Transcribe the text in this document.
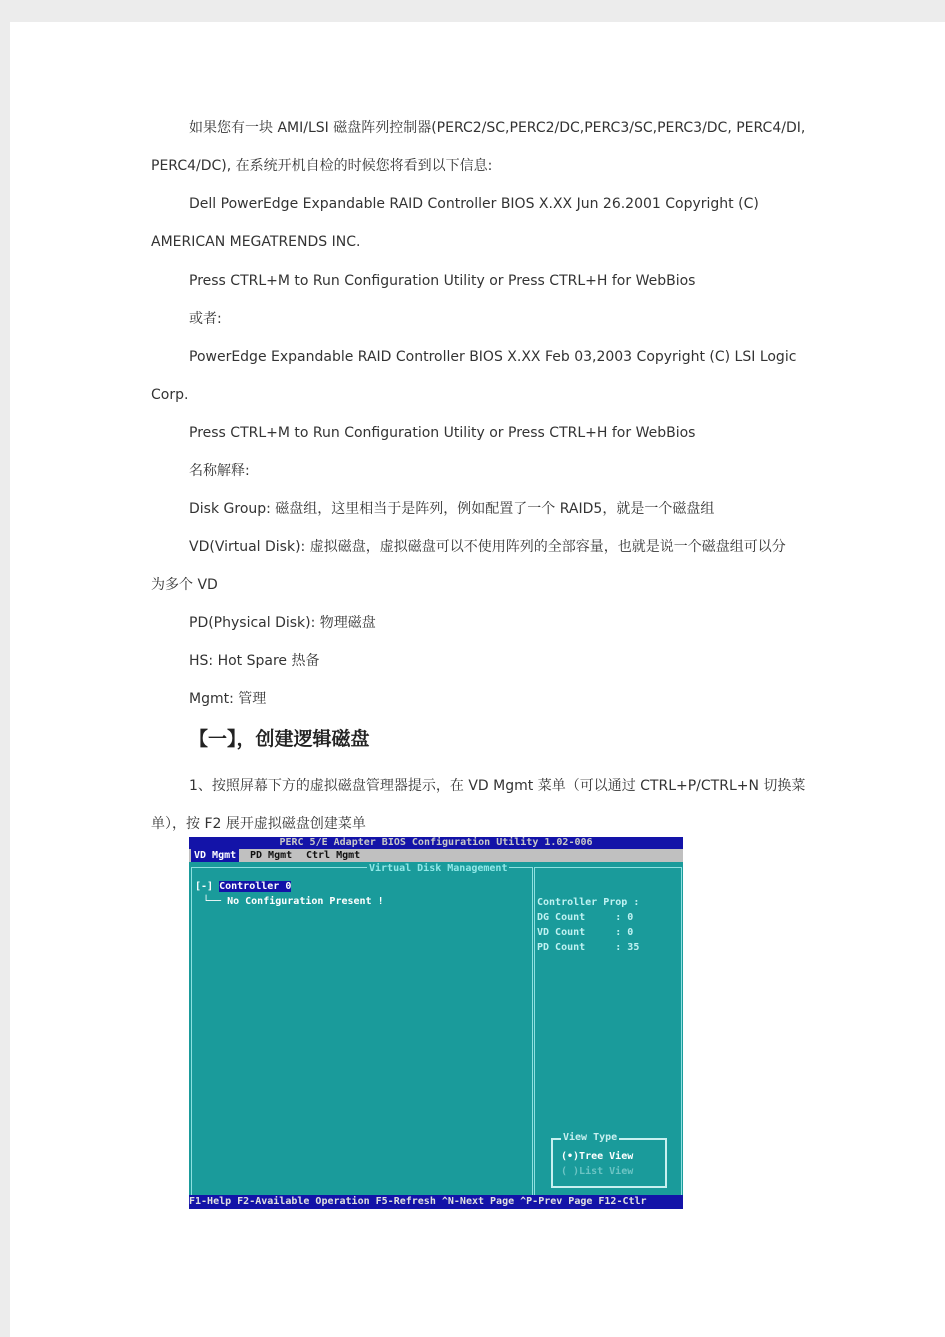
如果您有一块 AMI/LSI 磁盘阵列控制器(PERC2/SC,PERC2/DC,PERC3/SC,PERC3/DC, PERC4/DI,
PERC4/DC), 在系统开机自检的时候您将看到以下信息:
Dell PowerEdge Expandable RAID Controller BIOS X.XX Jun 26.2001 Copyright (C)
AMERICAN MEGATRENDS INC.
Press CTRL+M to Run Configuration Utility or Press CTRL+H for WebBios
或者:
PowerEdge Expandable RAID Controller BIOS X.XX Feb 03,2003 Copyright (C) LSI Logic
Corp.
Press CTRL+M to Run Configuration Utility or Press CTRL+H for WebBios
名称解释:
Disk Group: 磁盘组，这里相当于是阵列，例如配置了一个 RAID5，就是一个磁盘组
VD(Virtual Disk): 虚拟磁盘，虚拟磁盘可以不使用阵列的全部容量，也就是说一个磁盘组可以分
为多个 VD
PD(Physical Disk): 物理磁盘
HS: Hot Spare 热备
Mgmt: 管理
【一】，创建逻辑磁盘
1、按照屏幕下方的虚拟磁盘管理器提示，在 VD Mgmt 菜单（可以通过 CTRL+P/CTRL+N 切换菜
单），按 F2 展开虚拟磁盘创建菜单
PERC 5/E Adapter BIOS Configuration Utility 1.02-006
VD Mgmt	PD Mgmt	Ctrl Mgmt
Virtual Disk Management
[-] Controller 0
└── No Configuration Present !	Controller Prop :
DG Count     : 0
VD Count     : 0
PD Count     : 35
View Type
(•)Tree View
( )List View
F1-Help F2-Available Operation F5-Refresh ^N-Next Page ^P-Prev Page F12-Ctlr
